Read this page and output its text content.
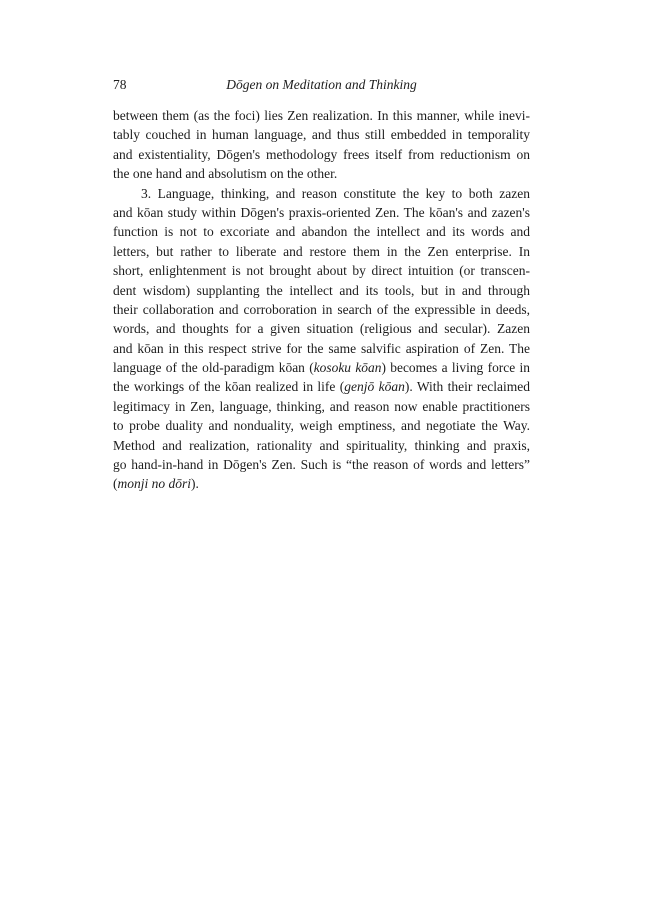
78	Dōgen on Meditation and Thinking
between them (as the foci) lies Zen realization. In this manner, while inevi-
tably couched in human language, and thus still embedded in temporality
and existentiality, Dōgen's methodology frees itself from reductionism on
the one hand and absolutism on the other.
3. Language, thinking, and reason constitute the key to both zazen
and kōan study within Dōgen's praxis-oriented Zen. The kōan's and zazen's
function is not to excoriate and abandon the intellect and its words and
letters, but rather to liberate and restore them in the Zen enterprise. In
short, enlightenment is not brought about by direct intuition (or transcen-
dent wisdom) supplanting the intellect and its tools, but in and through
their collaboration and corroboration in search of the expressible in deeds,
words, and thoughts for a given situation (religious and secular). Zazen
and kōan in this respect strive for the same salvific aspiration of Zen. The
language of the old-paradigm kōan (kosoku kōan) becomes a living force in
the workings of the kōan realized in life (genjō kōan). With their reclaimed
legitimacy in Zen, language, thinking, and reason now enable practitioners
to probe duality and nonduality, weigh emptiness, and negotiate the Way.
Method and realization, rationality and spirituality, thinking and praxis,
go hand-in-hand in Dōgen's Zen. Such is “the reason of words and letters”
(monji no dōri).
